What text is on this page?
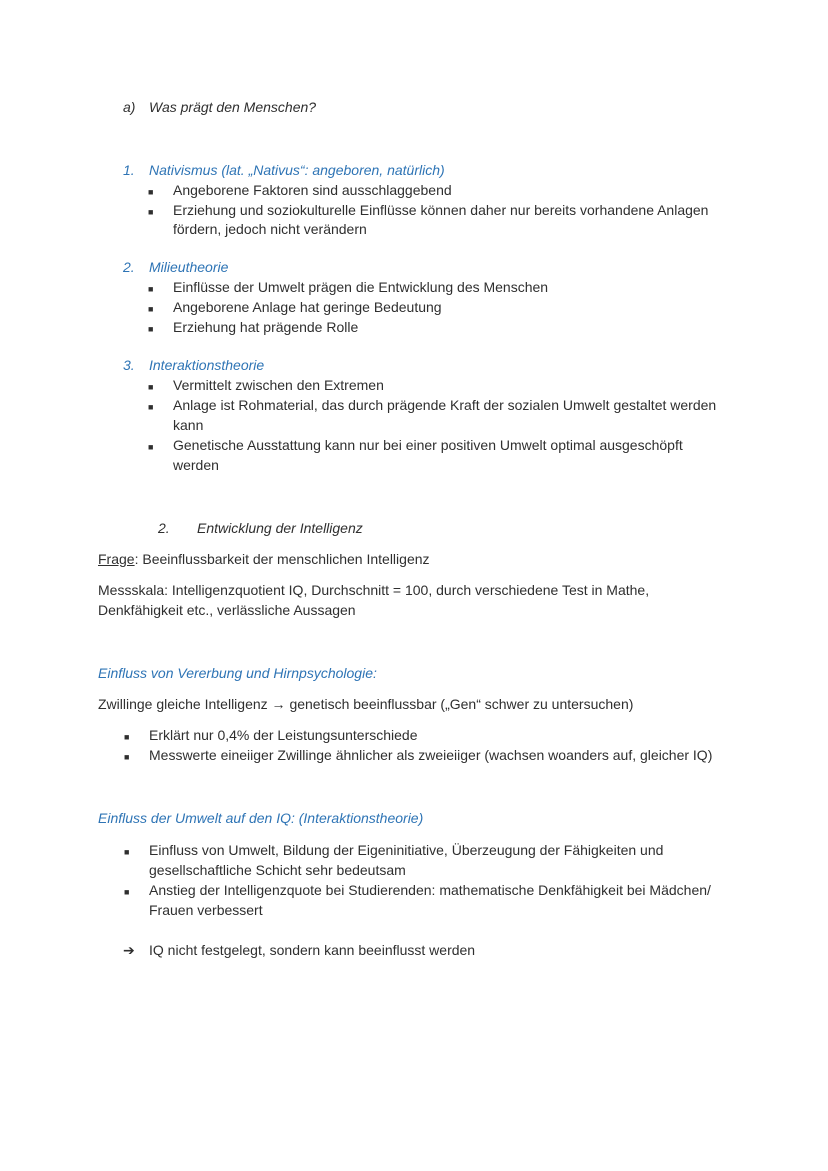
a) Was prägt den Menschen?
1. Nativismus (lat. „Nativus“: angeboren, natürlich)
■ Angeborene Faktoren sind ausschlaggebend
■ Erziehung und soziokulturelle Einflüsse können daher nur bereits vorhandene Anlagen
fördern, jedoch nicht verändern
2. Milieutheorie
■ Einflüsse der Umwelt prägen die Entwicklung des Menschen
■ Angeborene Anlage hat geringe Bedeutung
■ Erziehung hat prägende Rolle
3. Interaktionstheorie
■ Vermittelt zwischen den Extremen
■ Anlage ist Rohmaterial, das durch prägende Kraft der sozialen Umwelt gestaltet werden
kann
■ Genetische Ausstattung kann nur bei einer positiven Umwelt optimal ausgeschöpft
werden
2. Entwicklung der Intelligenz
Frage: Beeinflussbarkeit der menschlichen Intelligenz
Messskala: Intelligenzquotient IQ, Durchschnitt = 100, durch verschiedene Test in Mathe,
Denkfähigkeit etc., verlässliche Aussagen
Einfluss von Vererbung und Hirnpsychologie:
Zwillinge gleiche Intelligenz → genetisch beeinflussbar („Gen“ schwer zu untersuchen)
■ Erklärt nur 0,4% der Leistungsunterschiede
■ Messwerte eineiiger Zwillinge ähnlicher als zweieiiger (wachsen woanders auf, gleicher IQ)
Einfluss der Umwelt auf den IQ: (Interaktionstheorie)
■ Einfluss von Umwelt, Bildung der Eigeninitiative, Überzeugung der Fähigkeiten und
gesellschaftliche Schicht sehr bedeutsam
■ Anstieg der Intelligenzquote bei Studierenden: mathematische Denkfähigkeit bei Mädchen/
Frauen verbessert
➔ IQ nicht festgelegt, sondern kann beeinflusst werden
